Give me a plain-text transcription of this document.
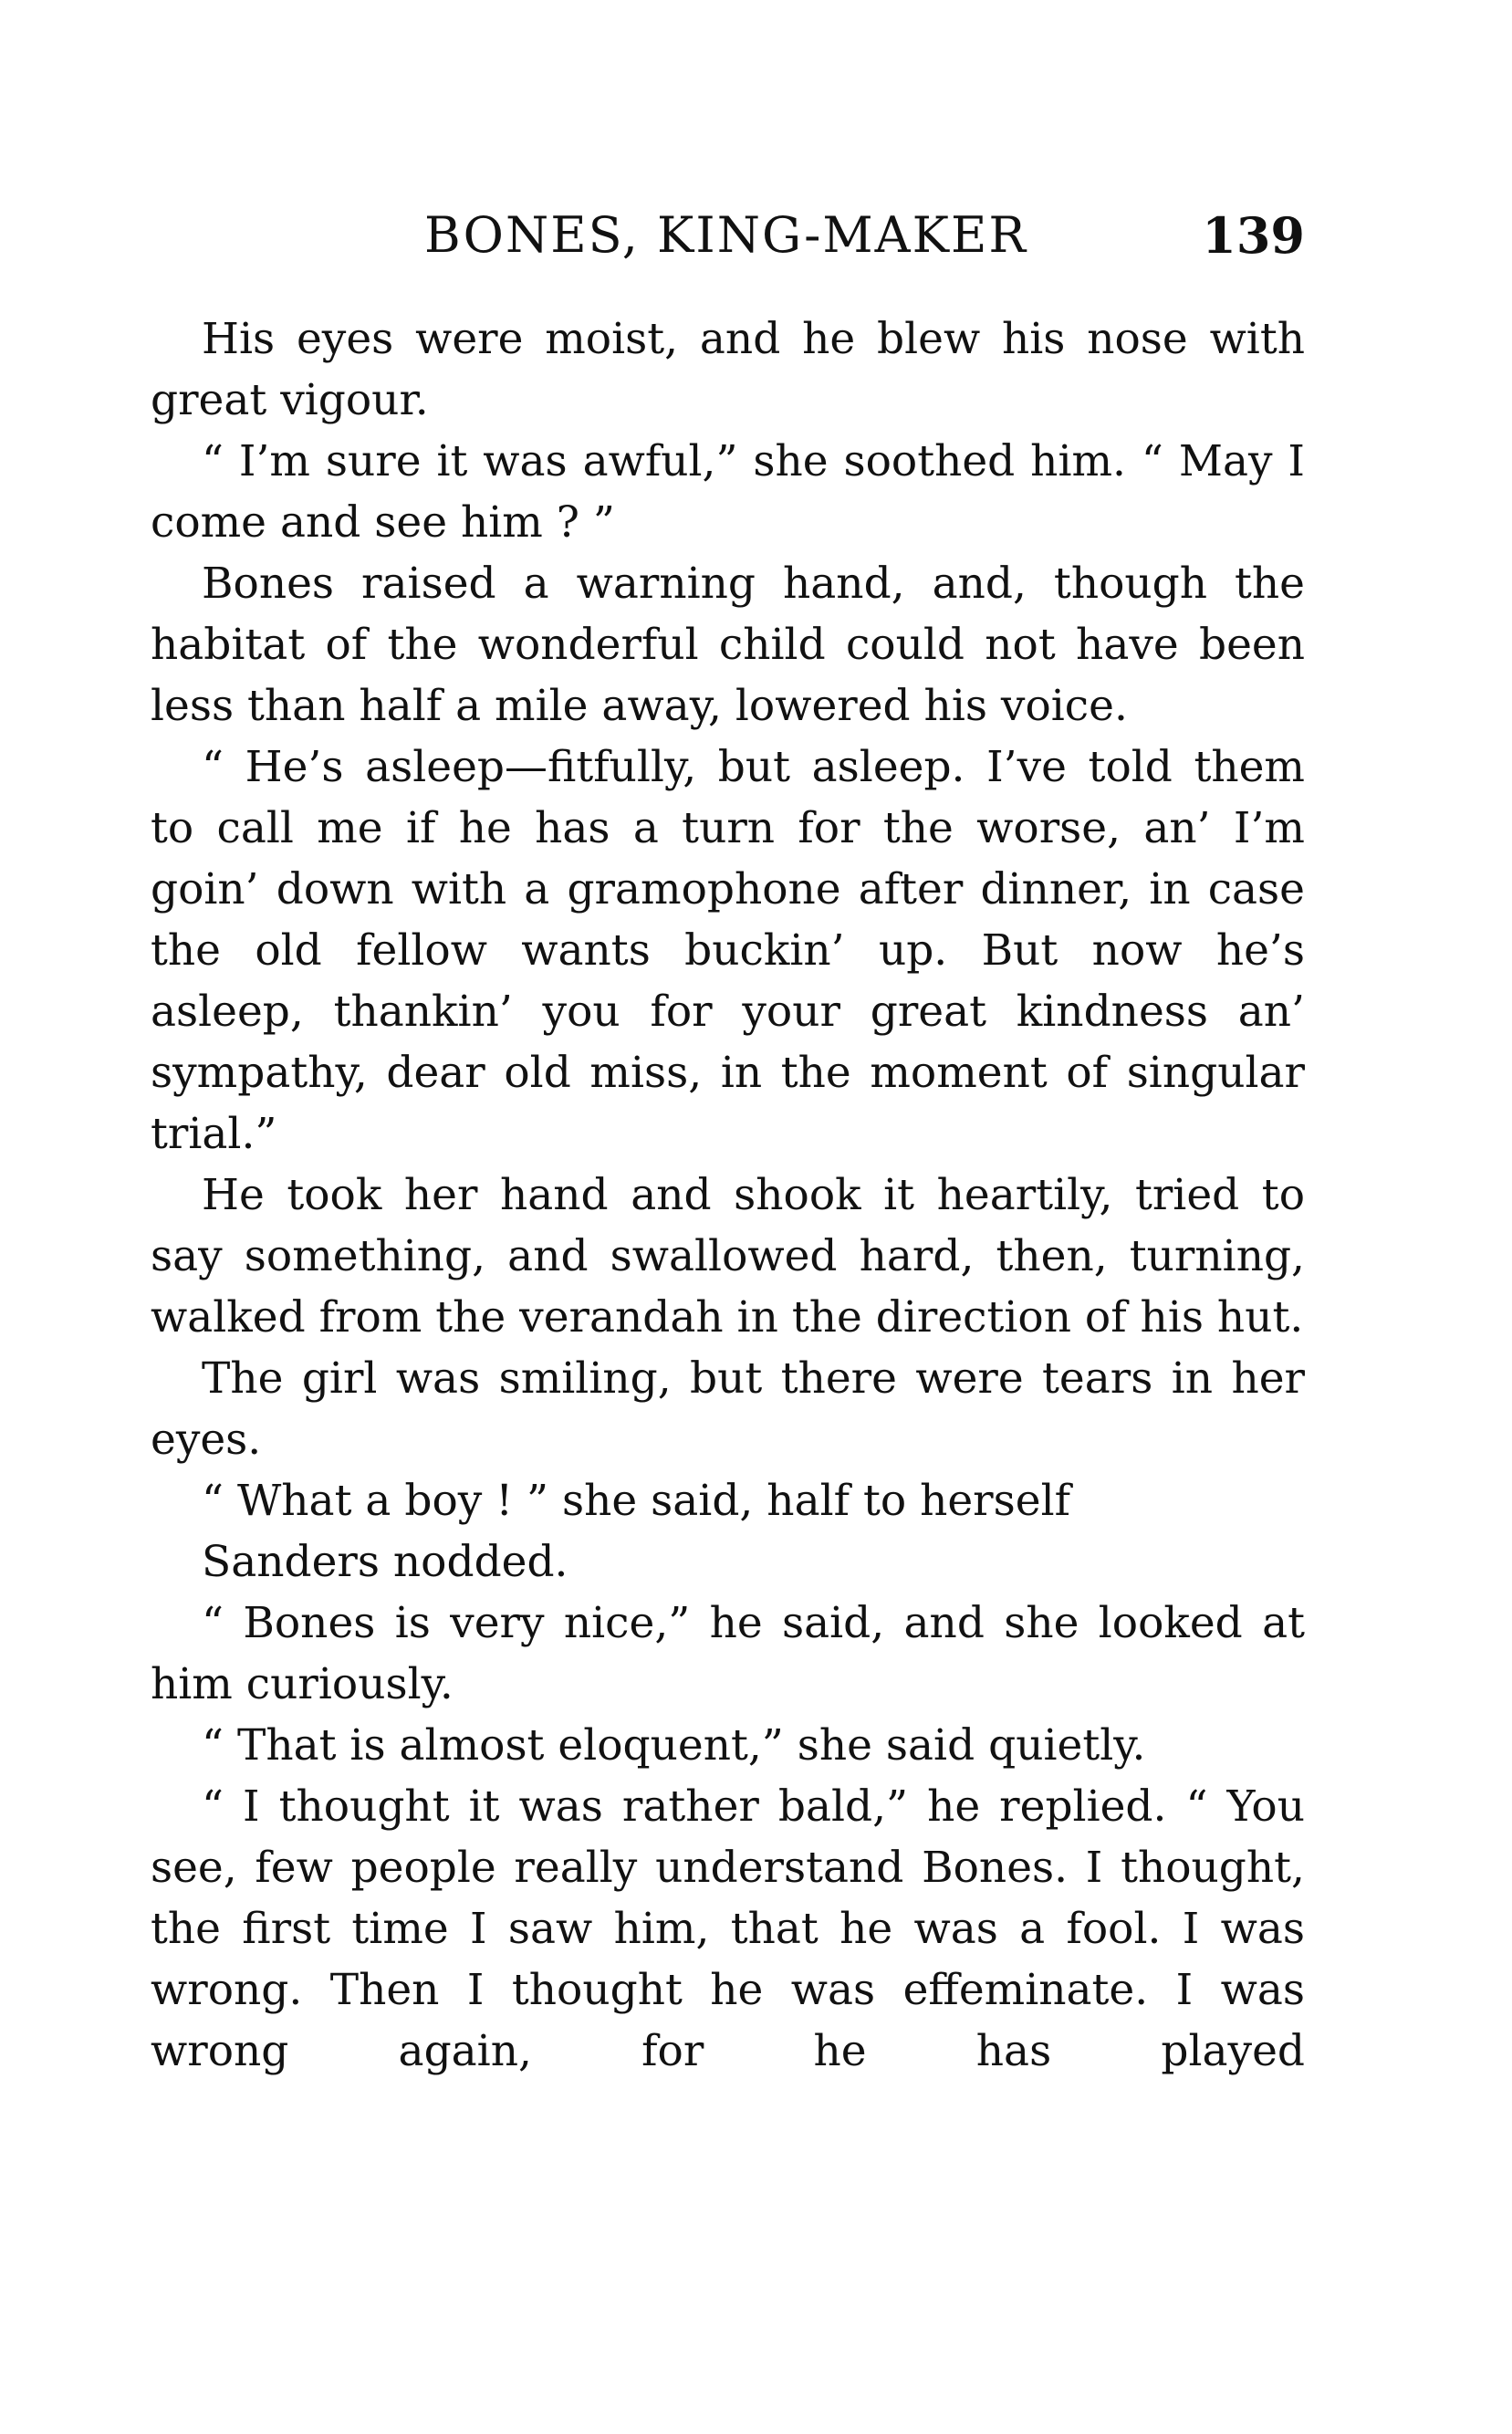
BONES, KING-MAKER	139

His eyes were moist, and he blew his nose with great vigour.

“ I’m sure it was awful,” she soothed him. “ May I come and see him ? ”

Bones raised a warning hand, and, though the habitat of the wonderful child could not have been less than half a mile away, lowered his voice.

“ He’s asleep—fitfully, but asleep. I’ve told them to call me if he has a turn for the worse, an’ I’m goin’ down with a gramophone after dinner, in case the old fellow wants buckin’ up. But now he’s asleep, thankin’ you for your great kindness an’ sympathy, dear old miss, in the moment of singular trial.”

He took her hand and shook it heartily, tried to say something, and swallowed hard, then, turning, walked from the verandah in the direction of his hut.

The girl was smiling, but there were tears in her eyes.

“ What a boy ! ” she said, half to herself

Sanders nodded.

“ Bones is very nice,” he said, and she looked at him curiously.

“ That is almost eloquent,” she said quietly.

“ I thought it was rather bald,” he replied. “ You see, few people really understand Bones. I thought, the first time I saw him, that he was a fool. I was wrong. Then I thought he was effeminate. I was wrong again, for he has played
